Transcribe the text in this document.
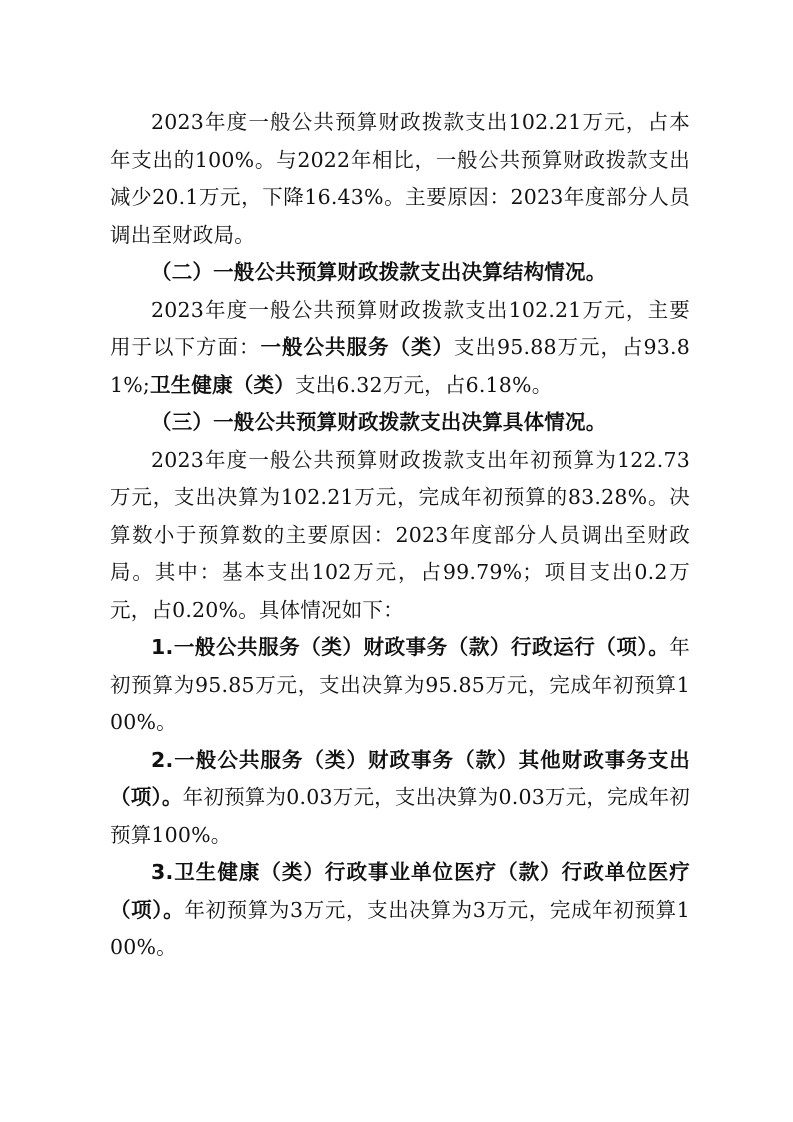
2023年度一般公共预算财政拨款支出102.21万元，占本年支出的100%。与2022年相比，一般公共预算财政拨款支出减少20.1万元，下降16.43%。主要原因：2023年度部分人员调出至财政局。

（二）一般公共预算财政拨款支出决算结构情况。

2023年度一般公共预算财政拨款支出102.21万元，主要用于以下方面：一般公共服务（类）支出95.88万元，占93.81%;卫生健康（类）支出6.32万元，占6.18%。

（三）一般公共预算财政拨款支出决算具体情况。

2023年度一般公共预算财政拨款支出年初预算为122.73万元，支出决算为102.21万元，完成年初预算的83.28%。决算数小于预算数的主要原因：2023年度部分人员调出至财政局。其中：基本支出102万元，占99.79%；项目支出0.2万元，占0.20%。具体情况如下：

1.一般公共服务（类）财政事务（款）行政运行（项）。年初预算为95.85万元，支出决算为95.85万元，完成年初预算100%。

2.一般公共服务（类）财政事务（款）其他财政事务支出（项）。年初预算为0.03万元，支出决算为0.03万元，完成年初预算100%。

3.卫生健康（类）行政事业单位医疗（款）行政单位医疗（项）。年初预算为3万元，支出决算为3万元，完成年初预算100%。
